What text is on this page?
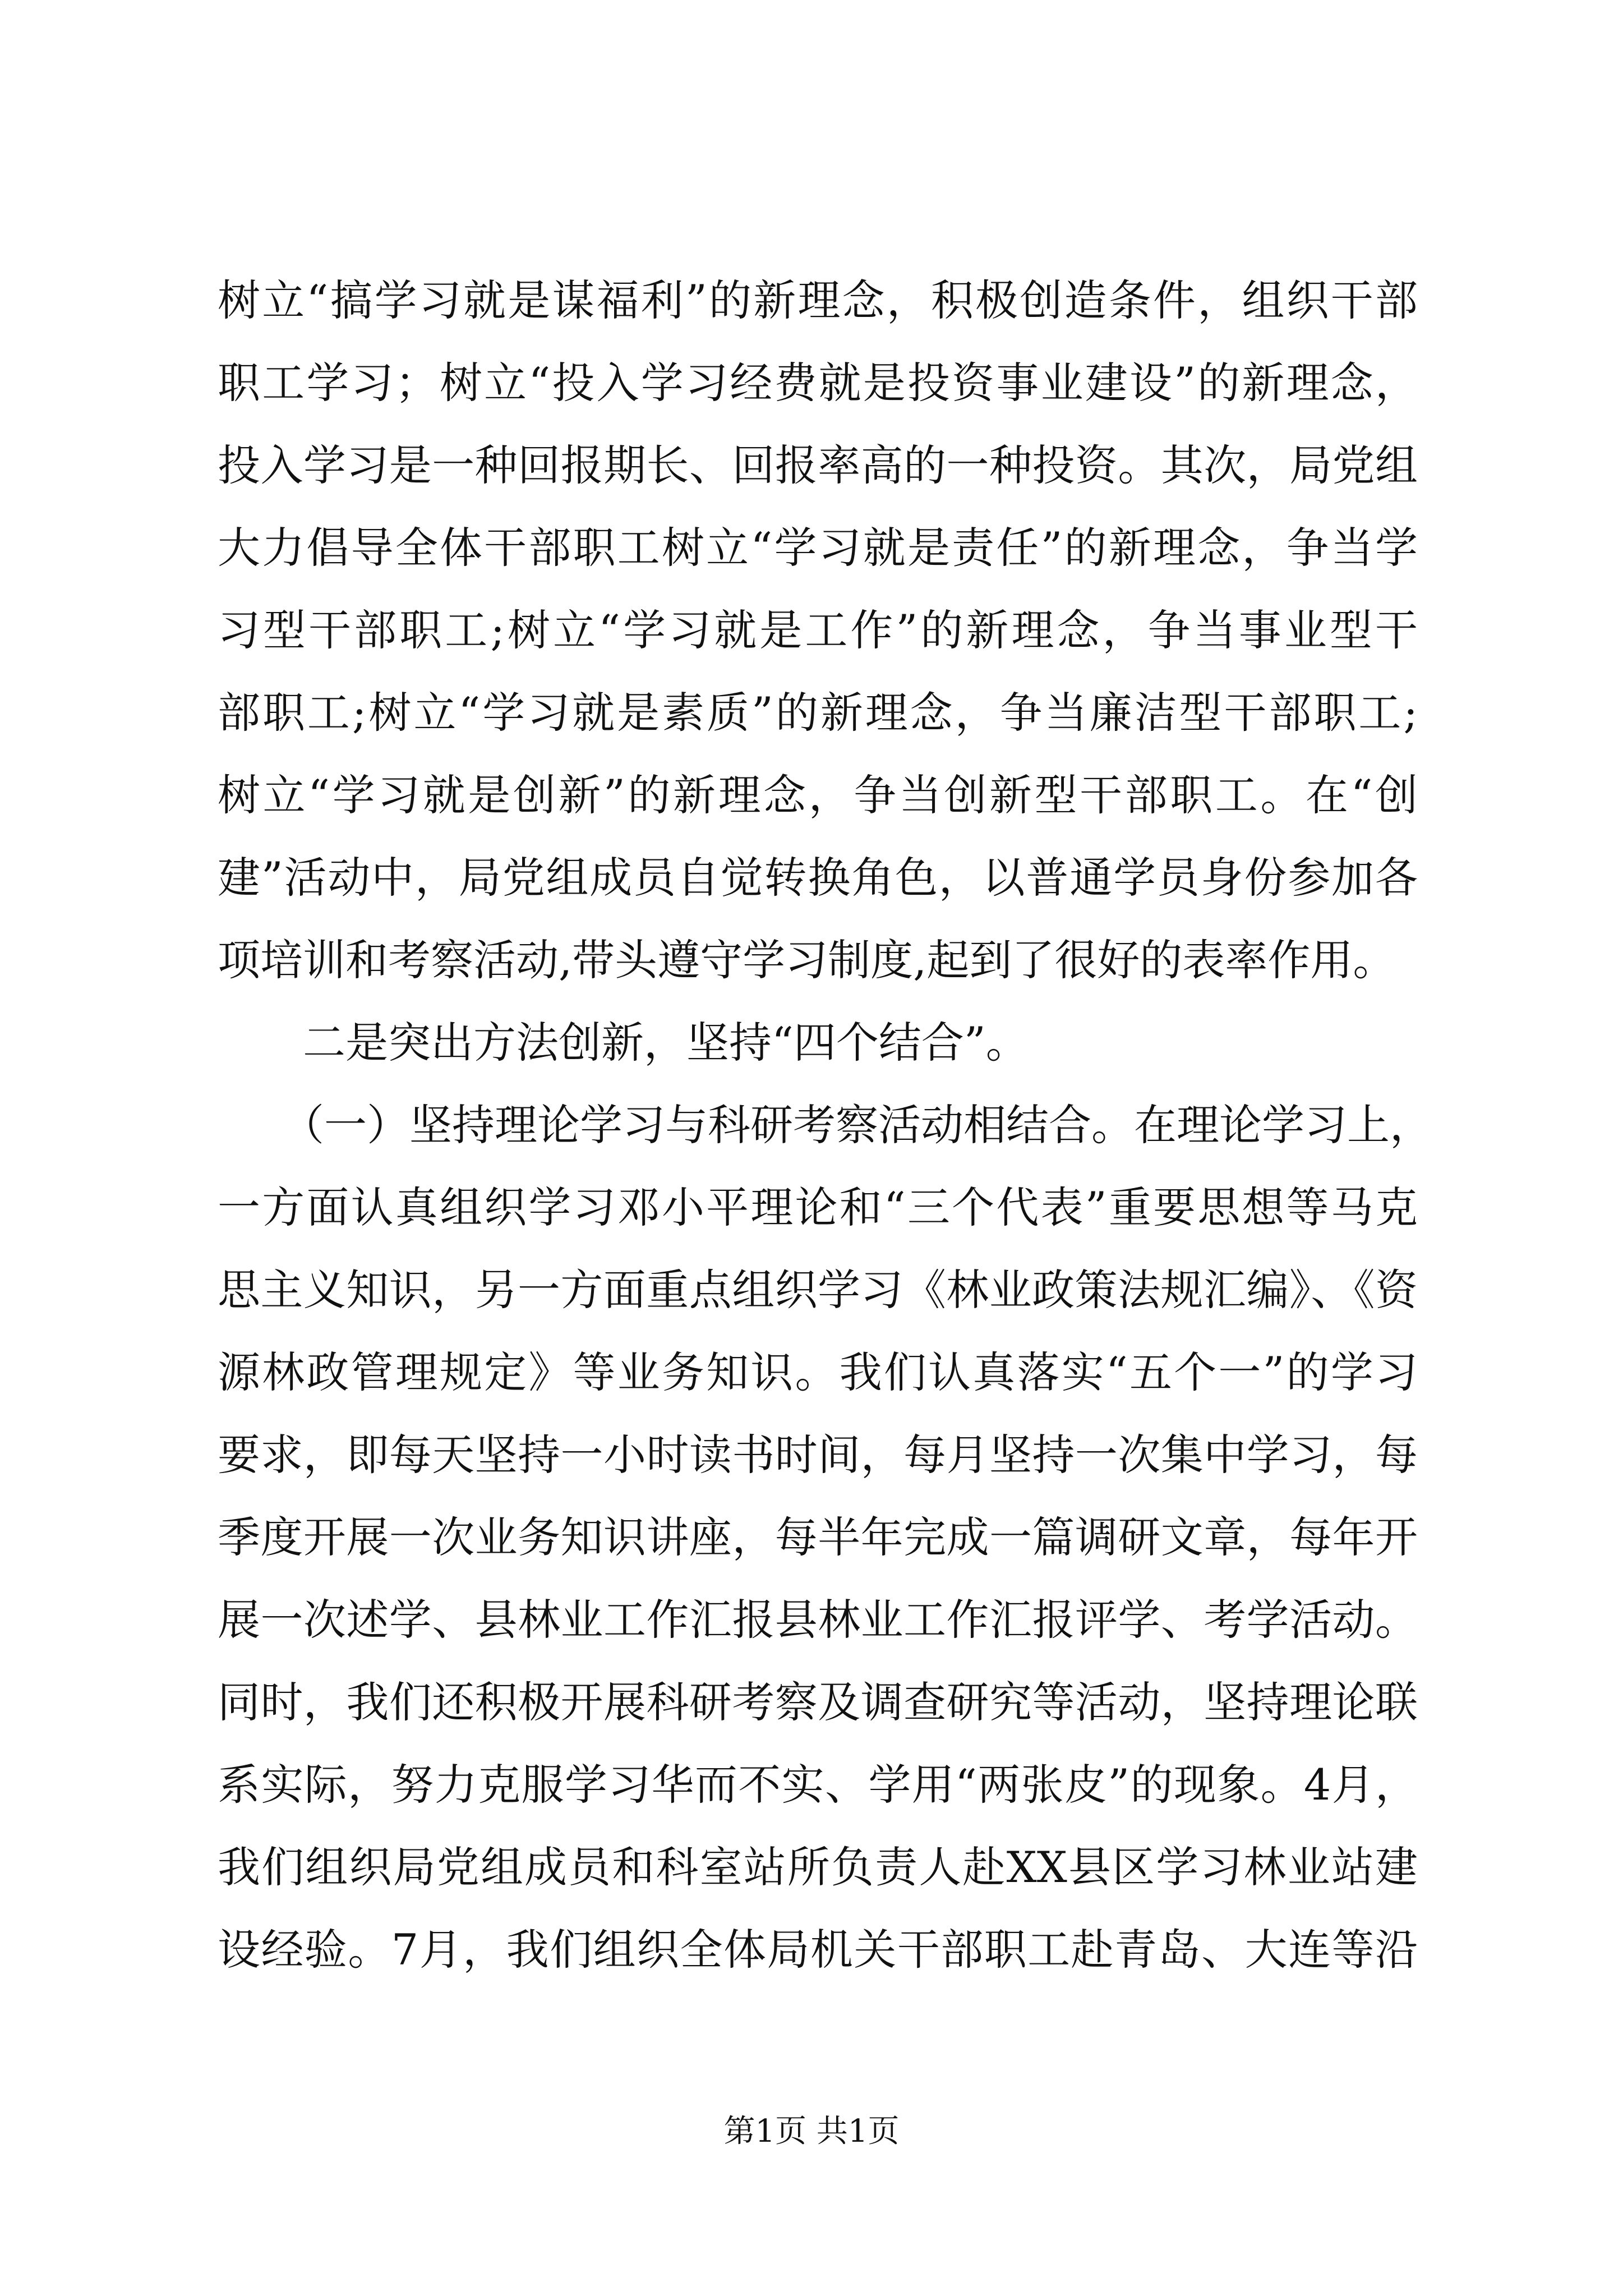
树立“搞学习就是谋福利”的新理念，积极创造条件，组织干部
职工学习；树立“投入学习经费就是投资事业建设”的新理念，
投入学习是一种回报期长、回报率高的一种投资。其次，局党组
大力倡导全体干部职工树立“学习就是责任”的新理念，争当学
习型干部职工;树立“学习就是工作”的新理念，争当事业型干
部职工;树立“学习就是素质”的新理念，争当廉洁型干部职工;
树立“学习就是创新”的新理念，争当创新型干部职工。在“创
建”活动中，局党组成员自觉转换角色，以普通学员身份参加各
项培训和考察活动,带头遵守学习制度,起到了很好的表率作用。
二是突出方法创新，坚持“四个结合”。
（一）坚持理论学习与科研考察活动相结合。在理论学习上，
一方面认真组织学习邓小平理论和“三个代表”重要思想等马克
思主义知识，另一方面重点组织学习《林业政策法规汇编》、《资
源林政管理规定》等业务知识。我们认真落实“五个一”的学习
要求，即每天坚持一小时读书时间，每月坚持一次集中学习，每
季度开展一次业务知识讲座，每半年完成一篇调研文章，每年开
展一次述学、县林业工作汇报县林业工作汇报评学、考学活动。
同时，我们还积极开展科研考察及调查研究等活动，坚持理论联
系实际，努力克服学习华而不实、学用“两张皮”的现象。4月，
我们组织局党组成员和科室站所负责人赴XX县区学习林业站建
设经验。7月，我们组织全体局机关干部职工赴青岛、大连等沿
第1页 共1页
